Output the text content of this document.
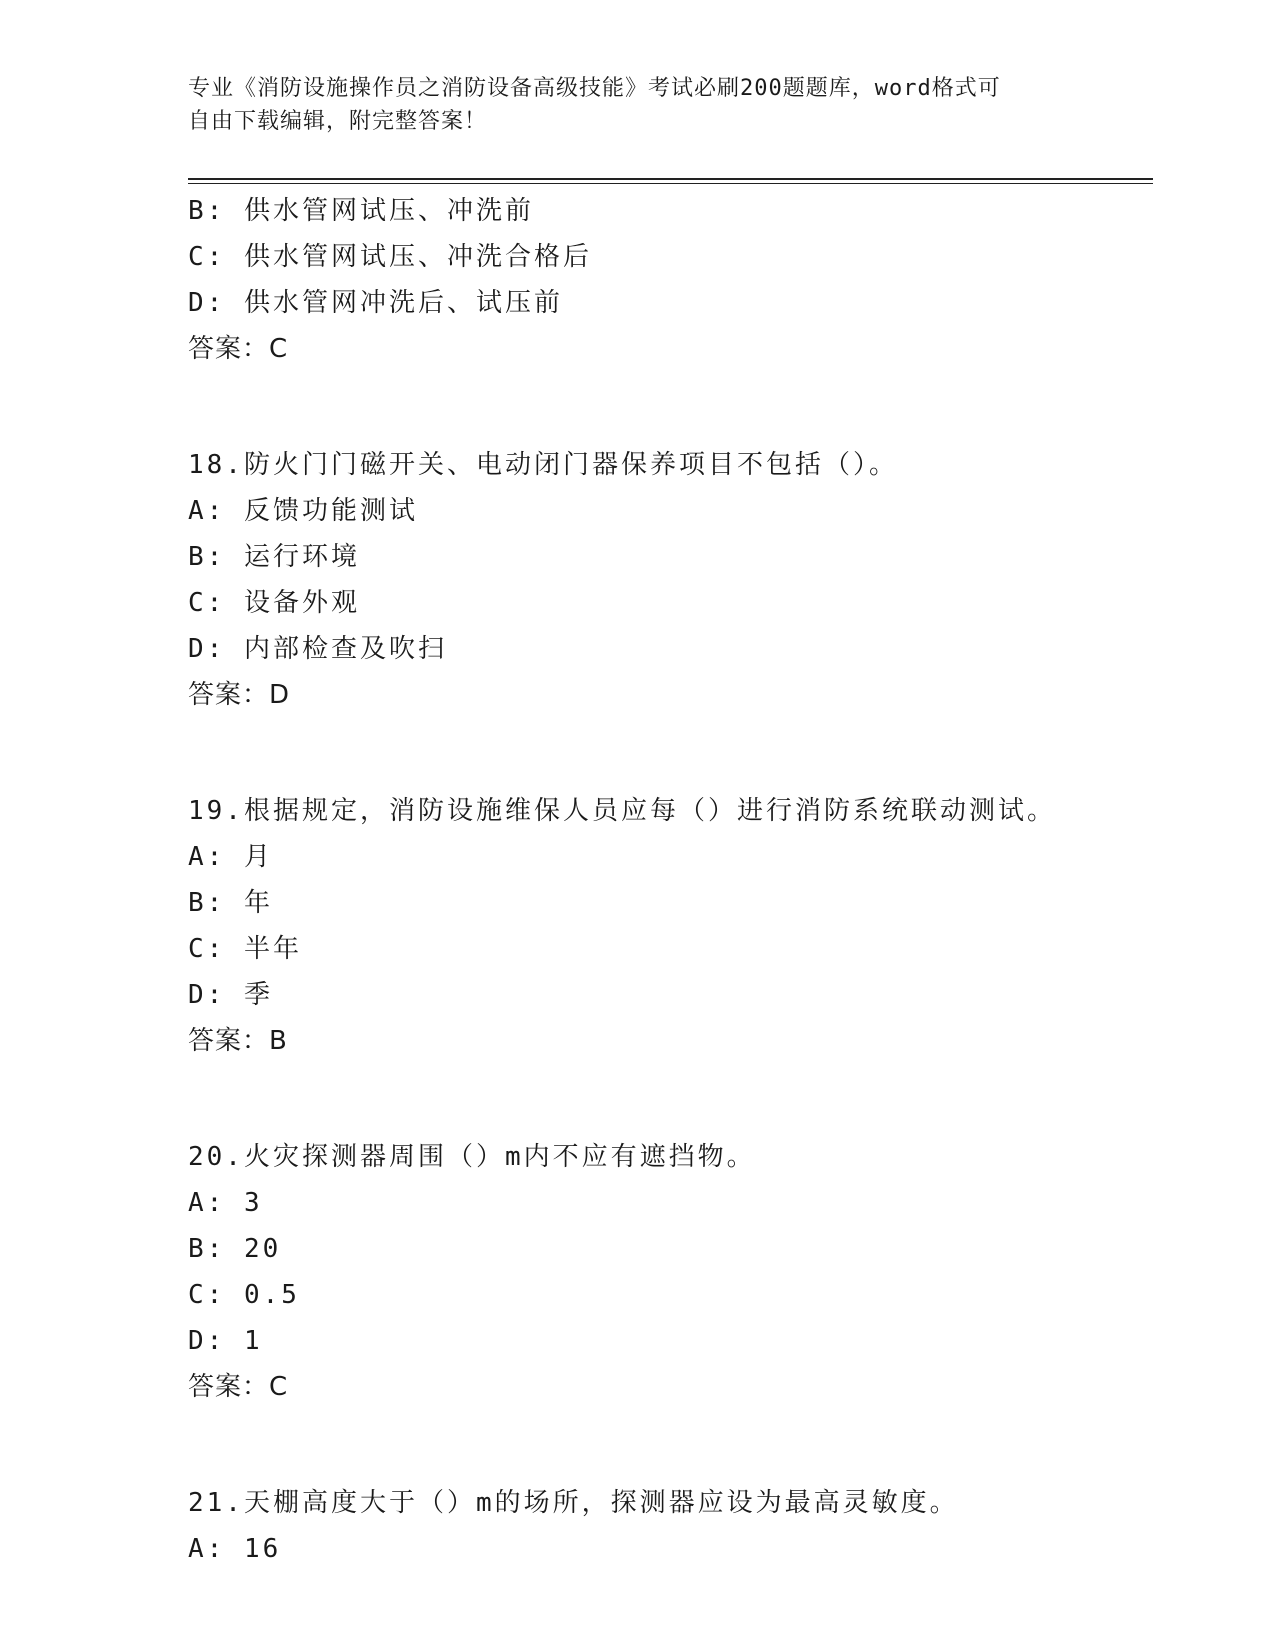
专业《消防设施操作员之消防设备高级技能》考试必刷200题题库，word格式可
自由下载编辑，附完整答案！
B: 供水管网试压、冲洗前
C: 供水管网试压、冲洗合格后
D: 供水管网冲洗后、试压前
答案：C
18.防火门门磁开关、电动闭门器保养项目不包括（）。
A: 反馈功能测试
B: 运行环境
C: 设备外观
D: 内部检查及吹扫
答案：D
19.根据规定，消防设施维保人员应每（）进行消防系统联动测试。
A: 月
B: 年
C: 半年
D: 季
答案：B
20.火灾探测器周围（）m内不应有遮挡物。
A: 3
B: 20
C: 0.5
D: 1
答案：C
21.天棚高度大于（）m的场所，探测器应设为最高灵敏度。
A: 16
